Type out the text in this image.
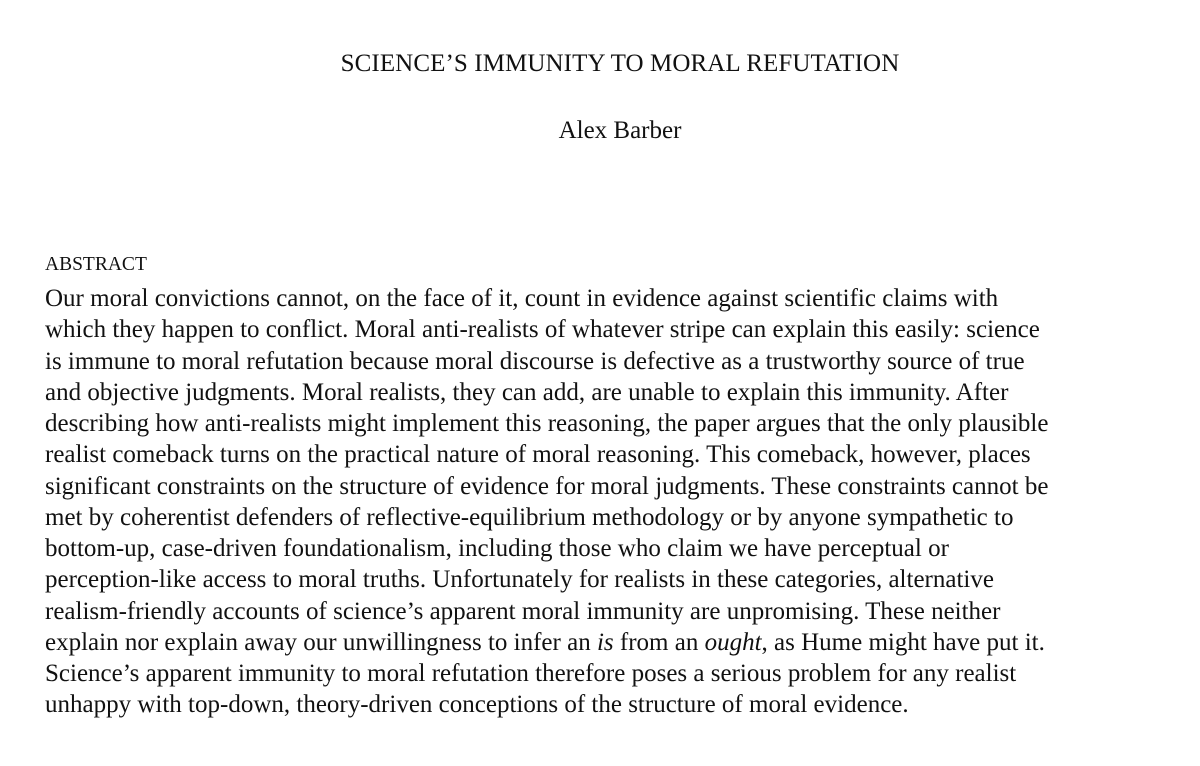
SCIENCE’S IMMUNITY TO MORAL REFUTATION
Alex Barber
ABSTRACT
Our moral convictions cannot, on the face of it, count in evidence against scientific claims with
which they happen to conflict. Moral anti-realists of whatever stripe can explain this easily: science
is immune to moral refutation because moral discourse is defective as a trustworthy source of true
and objective judgments. Moral realists, they can add, are unable to explain this immunity. After
describing how anti-realists might implement this reasoning, the paper argues that the only plausible
realist comeback turns on the practical nature of moral reasoning. This comeback, however, places
significant constraints on the structure of evidence for moral judgments. These constraints cannot be
met by coherentist defenders of reflective-equilibrium methodology or by anyone sympathetic to
bottom-up, case-driven foundationalism, including those who claim we have perceptual or
perception-like access to moral truths. Unfortunately for realists in these categories, alternative
realism-friendly accounts of science’s apparent moral immunity are unpromising. These neither
explain nor explain away our unwillingness to infer an is from an ought, as Hume might have put it.
Science’s apparent immunity to moral refutation therefore poses a serious problem for any realist
unhappy with top-down, theory-driven conceptions of the structure of moral evidence.
